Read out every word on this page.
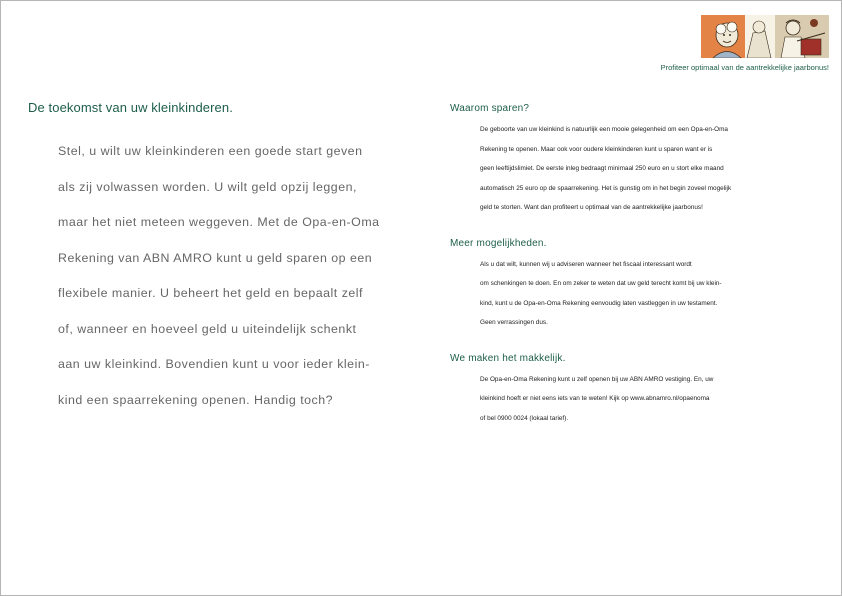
Profiteer optimaal van de aantrekkelijke jaarbonus!
De toekomst van uw kleinkinderen.
Stel, u wilt uw kleinkinderen een goede start geven
als zij volwassen worden. U wilt geld opzij leggen,
maar het niet meteen weggeven. Met de Opa-en-Oma
Rekening van ABN AMRO kunt u geld sparen op een
flexibele manier. U beheert het geld en bepaalt zelf
of, wanneer en hoeveel geld u uiteindelijk schenkt
aan uw kleinkind. Bovendien kunt u voor ieder klein-
kind een spaarrekening openen. Handig toch?
Waarom sparen?
De geboorte van uw kleinkind is natuurlijk een mooie gelegenheid om een Opa-en-Oma
Rekening te openen. Maar ook voor oudere kleinkinderen kunt u sparen want er is
geen leeftijdslimiet. De eerste inleg bedraagt minimaal 250 euro en u stort elke maand
automatisch 25 euro op de spaarrekening. Het is gunstig om in het begin zoveel mogelijk
geld te storten. Want dan profiteert u optimaal van de aantrekkelijke jaarbonus!
Meer mogelijkheden.
Als u dat wilt, kunnen wij u adviseren wanneer het fiscaal interessant wordt
om schenkingen te doen. En om zeker te weten dat uw geld terecht komt bij uw klein-
kind, kunt u de Opa-en-Oma Rekening eenvoudig laten vastleggen in uw testament.
Geen verrassingen dus.
We maken het makkelijk.
De Opa-en-Oma Rekening kunt u zelf openen bij uw ABN AMRO vestiging. En, uw
kleinkind hoeft er niet eens iets van te weten! Kijk op www.abnamro.nl/opaenoma
of bel 0900 0024 (lokaal tarief).
